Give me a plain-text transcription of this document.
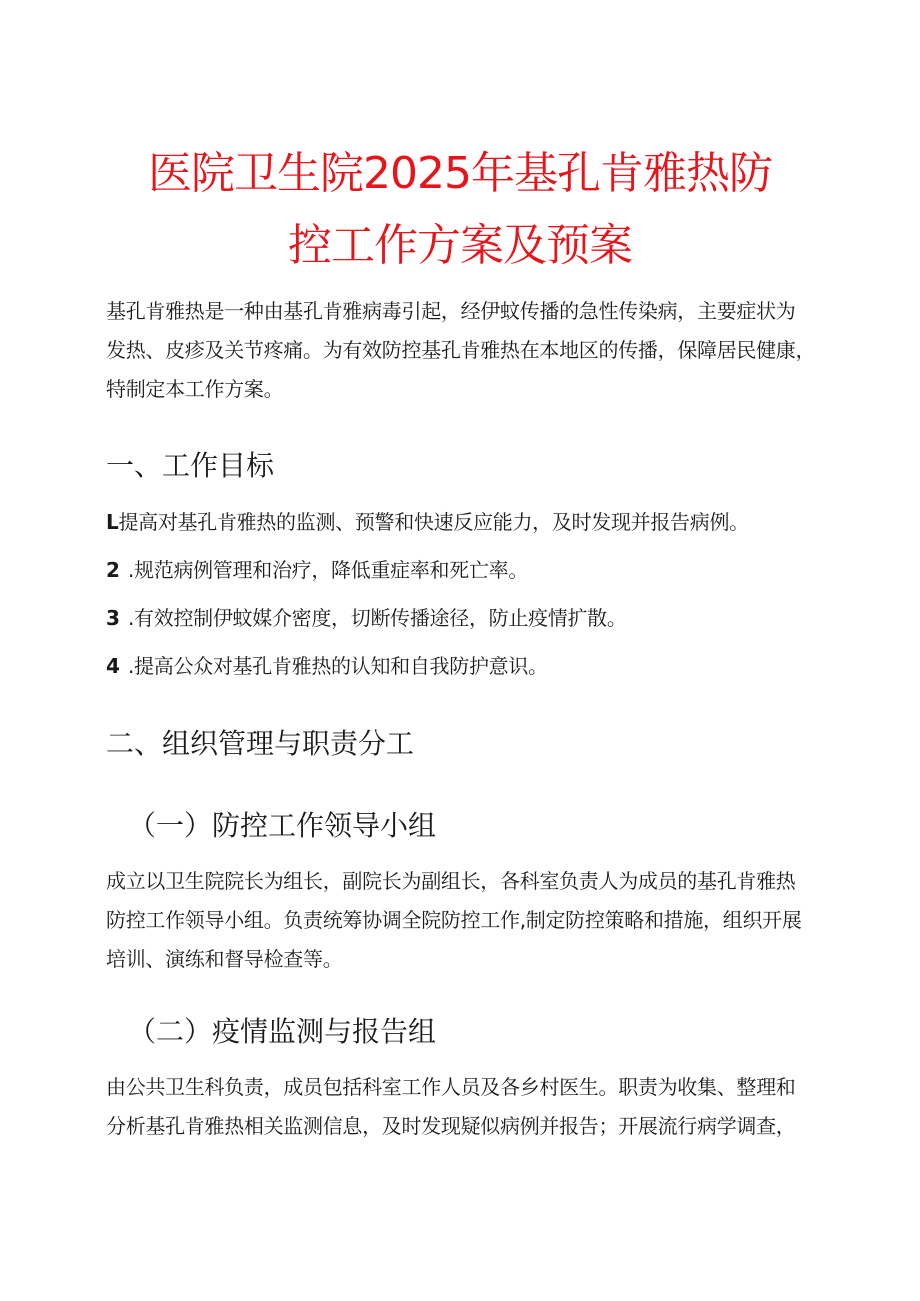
医院卫生院2025年基孔肯雅热防
控工作方案及预案
基孔肯雅热是一种由基孔肯雅病毒引起，经伊蚊传播的急性传染病，主要症状为
发热、皮疹及关节疼痛。为有效防控基孔肯雅热在本地区的传播，保障居民健康，
特制定本工作方案。
一、工作目标
L提高对基孔肯雅热的监测、预警和快速反应能力，及时发现并报告病例。
2 .规范病例管理和治疗，降低重症率和死亡率。
3 .有效控制伊蚊媒介密度，切断传播途径，防止疫情扩散。
4 .提高公众对基孔肯雅热的认知和自我防护意识。
二、组织管理与职责分工
（一）防控工作领导小组
成立以卫生院院长为组长，副院长为副组长，各科室负责人为成员的基孔肯雅热
防控工作领导小组。负责统筹协调全院防控工作,制定防控策略和措施，组织开展
培训、演练和督导检查等。
（二）疫情监测与报告组
由公共卫生科负责，成员包括科室工作人员及各乡村医生。职责为收集、整理和
分析基孔肯雅热相关监测信息，及时发现疑似病例并报告；开展流行病学调查，
